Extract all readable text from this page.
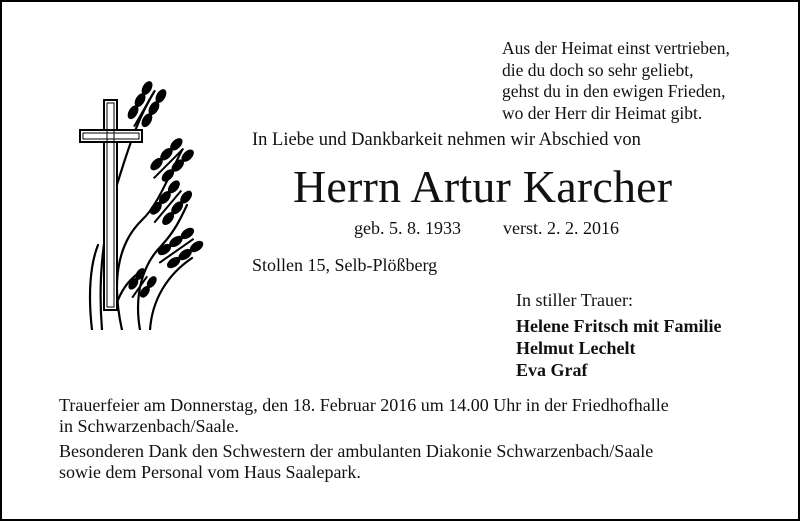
Aus der Heimat einst vertrieben,
die du doch so sehr geliebt,
gehst du in den ewigen Frieden,
wo der Herr dir Heimat gibt.
In Liebe und Dankbarkeit nehmen wir Abschied von
Herrn Artur Karcher
geb. 5. 8. 1933 verst. 2. 2. 2016
Stollen 15, Selb-Plößberg
In stiller Trauer:
Helene Fritsch mit Familie
Helmut Lechelt
Eva Graf
Trauerfeier am Donnerstag, den 18. Februar 2016 um 14.00 Uhr in der Friedhofhalle
in Schwarzenbach/Saale.
Besonderen Dank den Schwestern der ambulanten Diakonie Schwarzenbach/Saale
sowie dem Personal vom Haus Saalepark.
